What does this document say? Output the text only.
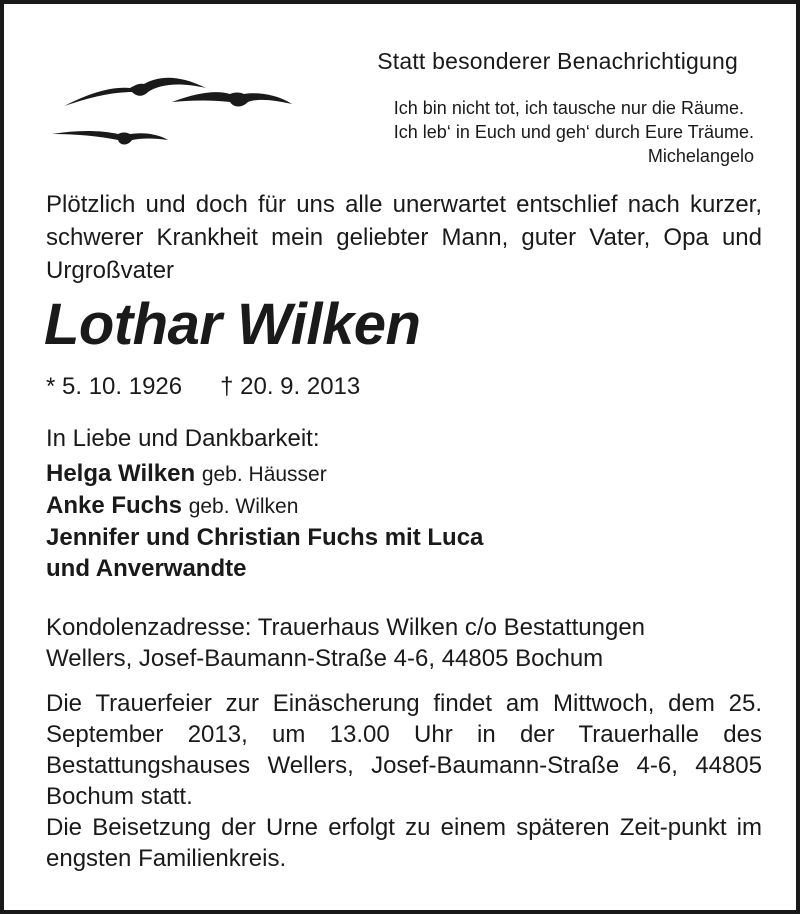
Statt besonderer Benachrichtigung
Ich bin nicht tot, ich tausche nur die Räume.
Ich leb‘ in Euch und geh‘ durch Eure Träume.
Michelangelo
Plötzlich und doch für uns alle unerwartet entschlief nach kurzer, schwerer Krankheit mein geliebter Mann, guter Vater, Opa und Urgroßvater
Lothar Wilken
* 5. 10. 1926 † 20. 9. 2013
In Liebe und Dankbarkeit:
Helga Wilken geb. Häusser
Anke Fuchs geb. Wilken
Jennifer und Christian Fuchs mit Luca
und Anverwandte
Kondolenzadresse: Trauerhaus Wilken c/o Bestattungen
Wellers, Josef-Baumann-Straße 4-6, 44805 Bochum

Die Trauerfeier zur Einäscherung findet am Mittwoch, dem 25. September 2013, um 13.00 Uhr in der Trauerhalle des Bestattungshauses Wellers, Josef-Baumann-Straße 4-6, 44805 Bochum statt.

Die Beisetzung der Urne erfolgt zu einem späteren Zeit-punkt im engsten Familienkreis.
